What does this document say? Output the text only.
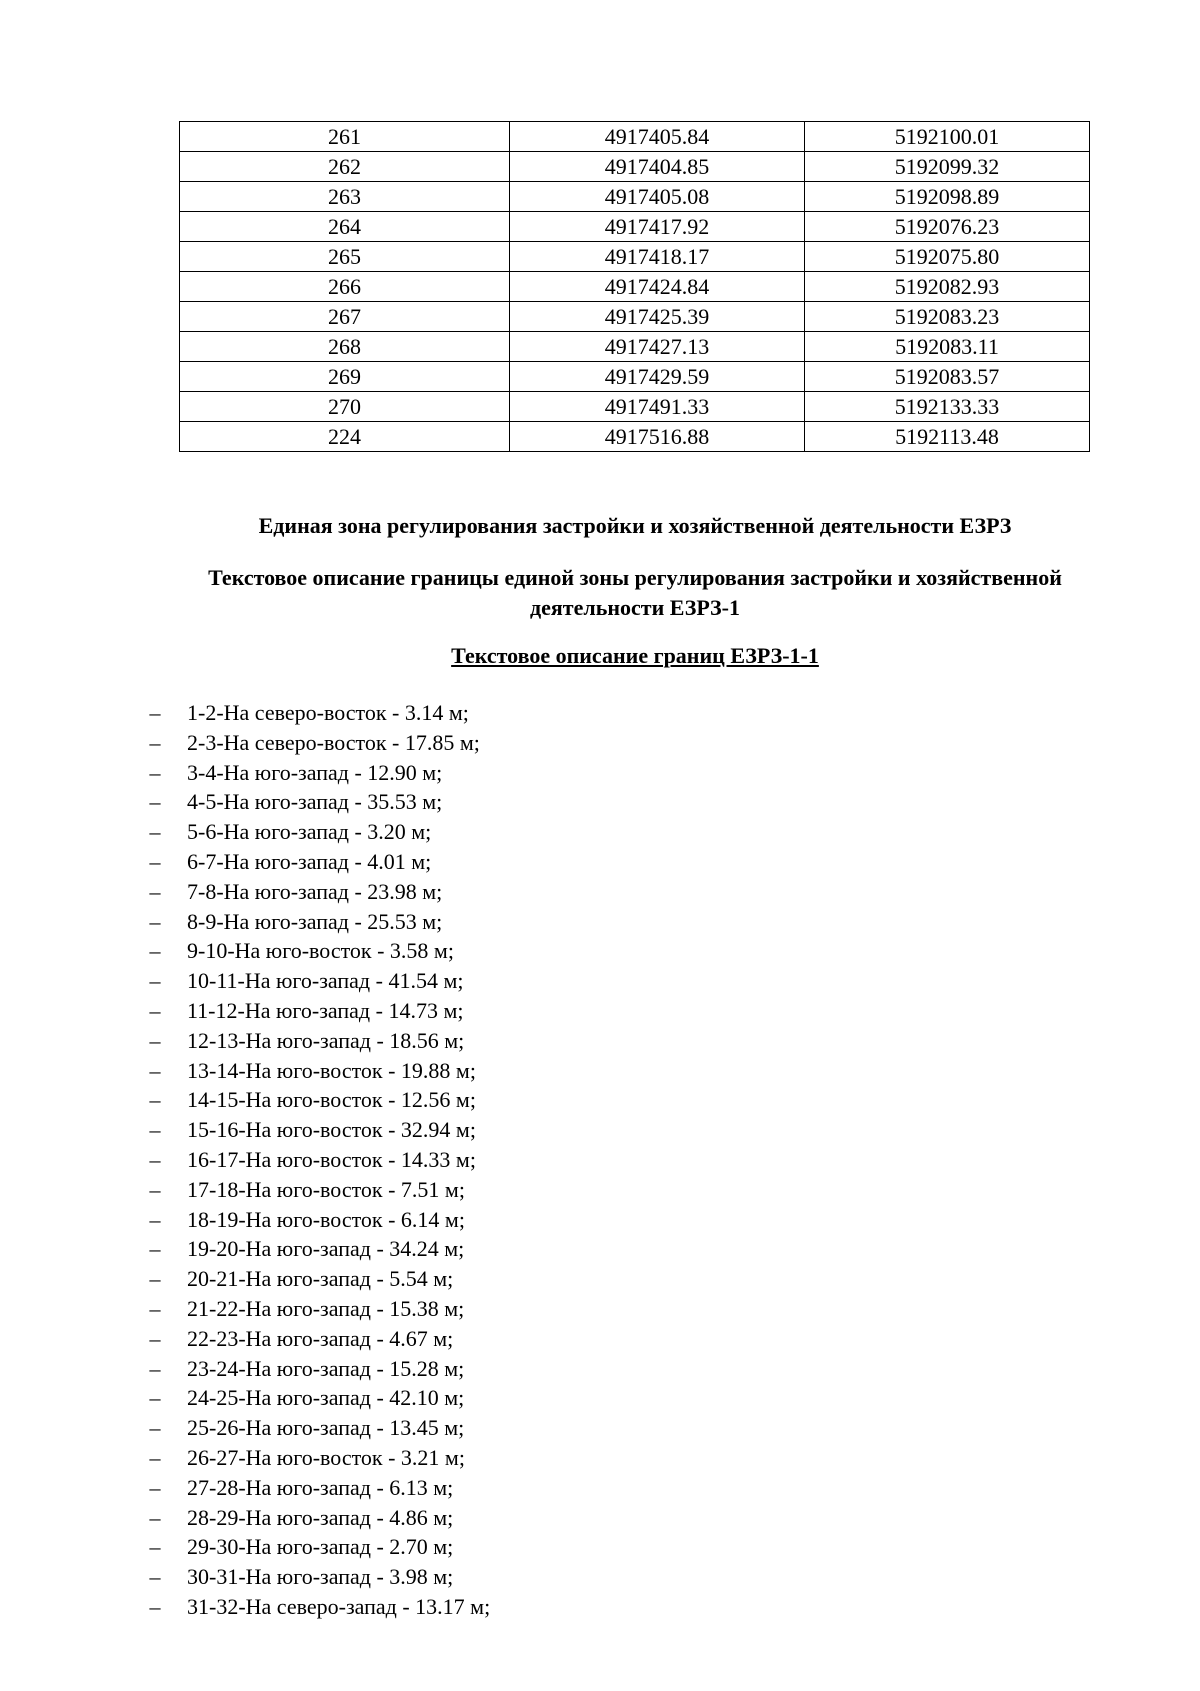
261	4917405.84	5192100.01
262	4917404.85	5192099.32
263	4917405.08	5192098.89
264	4917417.92	5192076.23
265	4917418.17	5192075.80
266	4917424.84	5192082.93
267	4917425.39	5192083.23
268	4917427.13	5192083.11
269	4917429.59	5192083.57
270	4917491.33	5192133.33
224	4917516.88	5192113.48
Единая зона регулирования застройки и хозяйственной деятельности ЕЗРЗ
Текстовое описание границы единой зоны регулирования застройки и хозяйственной деятельности ЕЗРЗ-1
Текстовое описание границ ЕЗРЗ-1-1
– 1-2-На северо-восток - 3.14 м;
– 2-3-На северо-восток - 17.85 м;
– 3-4-На юго-запад - 12.90 м;
– 4-5-На юго-запад - 35.53 м;
– 5-6-На юго-запад - 3.20 м;
– 6-7-На юго-запад - 4.01 м;
– 7-8-На юго-запад - 23.98 м;
– 8-9-На юго-запад - 25.53 м;
– 9-10-На юго-восток - 3.58 м;
– 10-11-На юго-запад - 41.54 м;
– 11-12-На юго-запад - 14.73 м;
– 12-13-На юго-запад - 18.56 м;
– 13-14-На юго-восток - 19.88 м;
– 14-15-На юго-восток - 12.56 м;
– 15-16-На юго-восток - 32.94 м;
– 16-17-На юго-восток - 14.33 м;
– 17-18-На юго-восток - 7.51 м;
– 18-19-На юго-восток - 6.14 м;
– 19-20-На юго-запад - 34.24 м;
– 20-21-На юго-запад - 5.54 м;
– 21-22-На юго-запад - 15.38 м;
– 22-23-На юго-запад - 4.67 м;
– 23-24-На юго-запад - 15.28 м;
– 24-25-На юго-запад - 42.10 м;
– 25-26-На юго-запад - 13.45 м;
– 26-27-На юго-восток - 3.21 м;
– 27-28-На юго-запад - 6.13 м;
– 28-29-На юго-запад - 4.86 м;
– 29-30-На юго-запад - 2.70 м;
– 30-31-На юго-запад - 3.98 м;
– 31-32-На северо-запад - 13.17 м;
